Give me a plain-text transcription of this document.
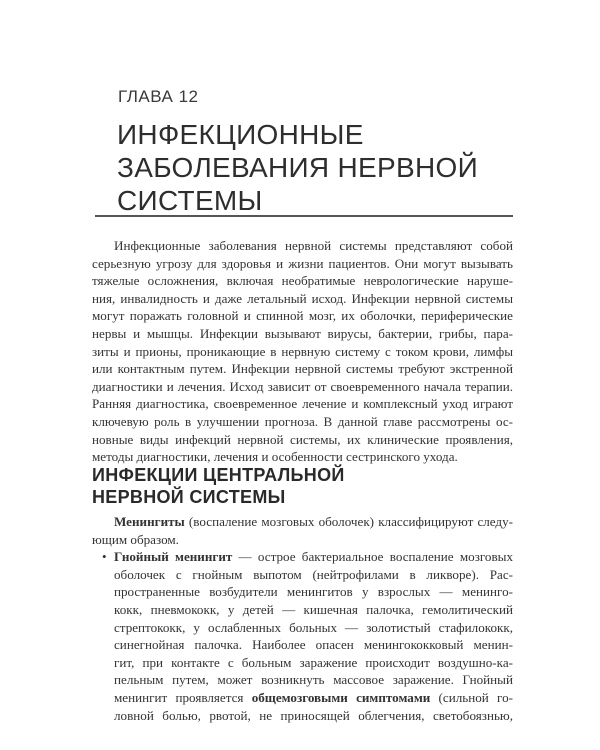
ГЛАВА 12
ИНФЕКЦИОННЫЕ
ЗАБОЛЕВАНИЯ НЕРВНОЙ
СИСТЕМЫ
Инфекционные заболевания нервной системы представляют собой
серьезную угрозу для здоровья и жизни пациентов. Они могут вызывать
тяжелые осложнения, включая необратимые неврологические наруше-
ния, инвалидность и даже летальный исход. Инфекции нервной системы
могут поражать головной и спинной мозг, их оболочки, периферические
нервы и мышцы. Инфекции вызывают вирусы, бактерии, грибы, пара-
зиты и прионы, проникающие в нервную систему с током крови, лимфы
или контактным путем. Инфекции нервной системы требуют экстренной
диагностики и лечения. Исход зависит от своевременного начала терапии.
Ранняя диагностика, своевременное лечение и комплексный уход играют
ключевую роль в улучшении прогноза. В данной главе рассмотрены ос-
новные виды инфекций нервной системы, их клинические проявления,
методы диагностики, лечения и особенности сестринского ухода.
ИНФЕКЦИИ ЦЕНТРАЛЬНОЙ
НЕРВНОЙ СИСТЕМЫ
Менингиты (воспаление мозговых оболочек) классифицируют следу-
ющим образом.
• Гнойный менингит — острое бактериальное воспаление мозговых
оболочек с гнойным выпотом (нейтрофилами в ликворе). Рас-
пространенные возбудители менингитов у взрослых — менинго-
кокк, пневмококк, у детей — кишечная палочка, гемолитический
стрептококк, у ослабленных больных — золотистый стафилококк,
синегнойная палочка. Наиболее опасен менингококковый менин-
гит, при контакте с больным заражение происходит воздушно-ка-
пельным путем, может возникнуть массовое заражение. Гнойный
менингит проявляется общемозговыми симптомами (сильной го-
ловной болью, рвотой, не приносящей облегчения, светобоязнью,
